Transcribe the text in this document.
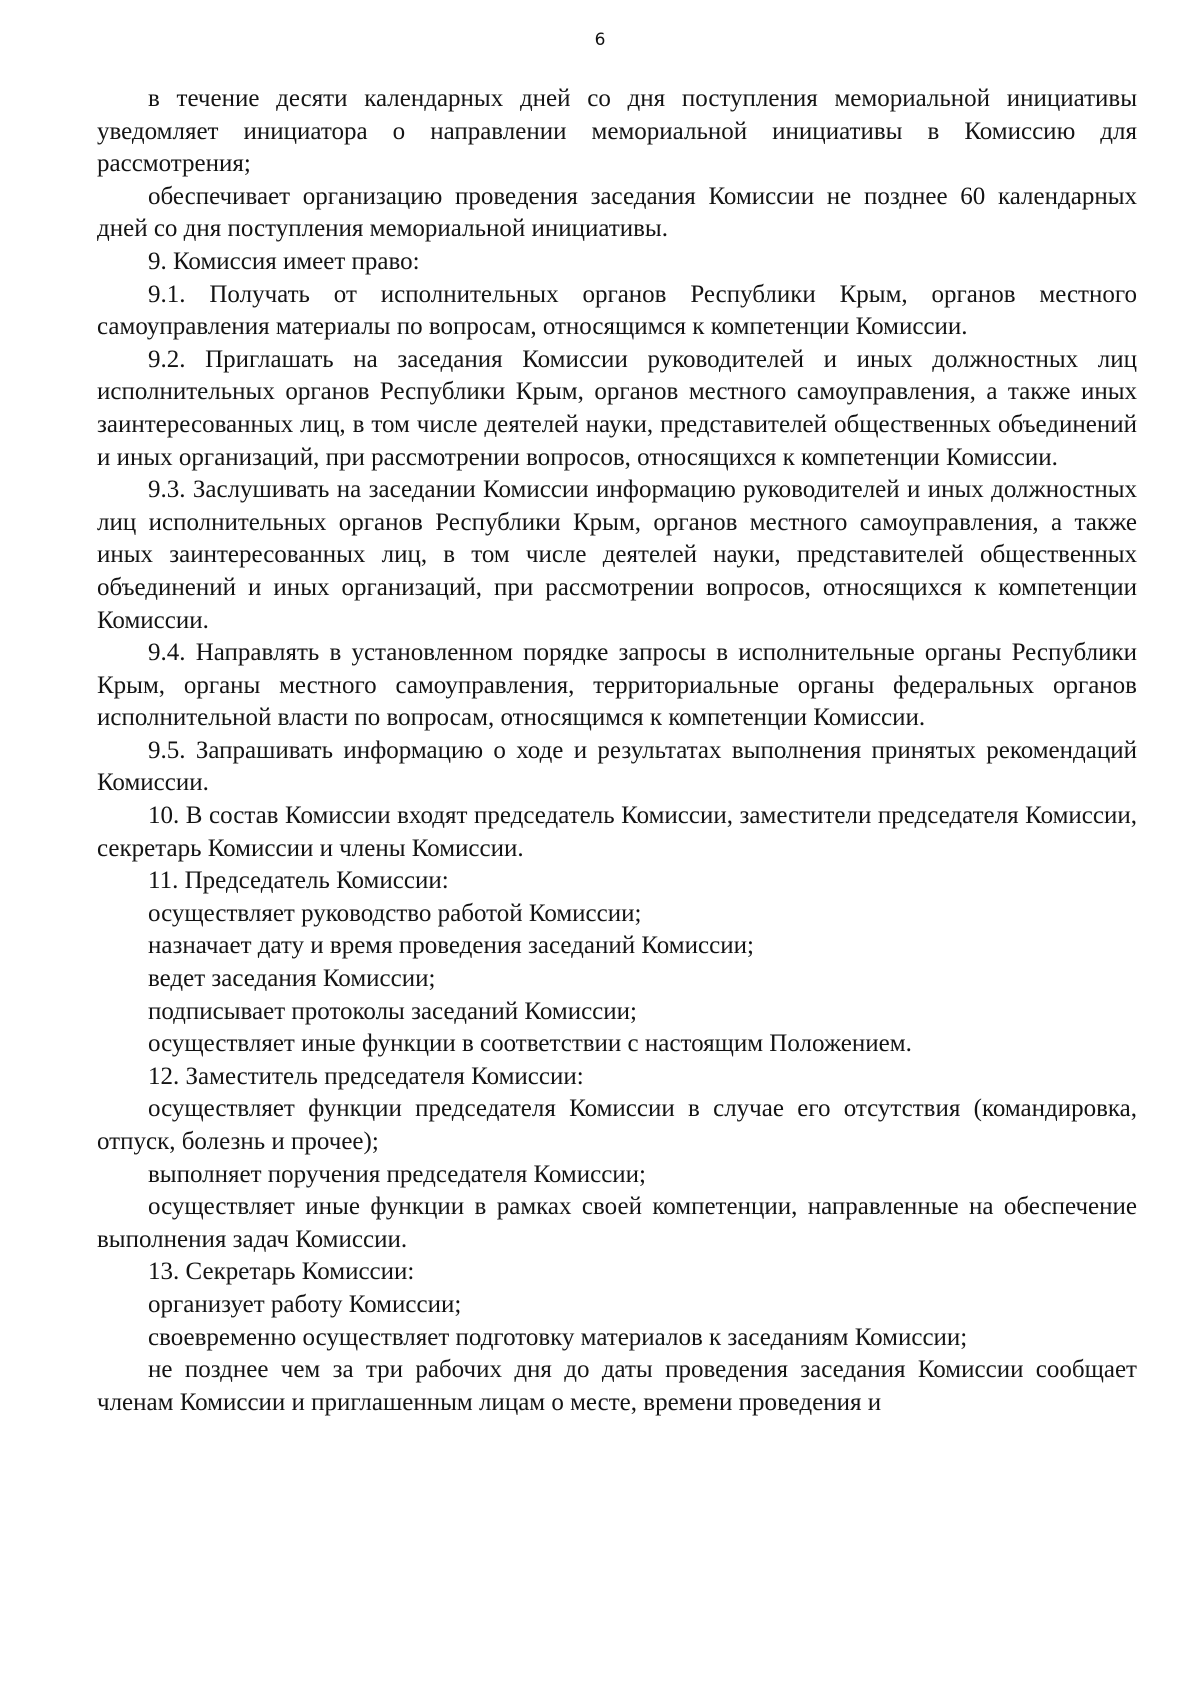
6

в течение десяти календарных дней со дня поступления мемориальной инициативы уведомляет инициатора о направлении мемориальной инициативы в Комиссию для рассмотрения;

обеспечивает организацию проведения заседания Комиссии не позднее 60 календарных дней со дня поступления мемориальной инициативы.

9. Комиссия имеет право:

9.1. Получать от исполнительных органов Республики Крым, органов местного самоуправления материалы по вопросам, относящимся к компетенции Комиссии.

9.2. Приглашать на заседания Комиссии руководителей и иных должностных лиц исполнительных органов Республики Крым, органов местного самоуправления, а также иных заинтересованных лиц, в том числе деятелей науки, представителей общественных объединений и иных организаций, при рассмотрении вопросов, относящихся к компетенции Комиссии.

9.3. Заслушивать на заседании Комиссии информацию руководителей и иных должностных лиц исполнительных органов Республики Крым, органов местного самоуправления, а также иных заинтересованных лиц, в том числе деятелей науки, представителей общественных объединений и иных организаций, при рассмотрении вопросов, относящихся к компетенции Комиссии.

9.4. Направлять в установленном порядке запросы в исполнительные органы Республики Крым, органы местного самоуправления, территориальные органы федеральных органов исполнительной власти по вопросам, относящимся к компетенции Комиссии.

9.5. Запрашивать информацию о ходе и результатах выполнения принятых рекомендаций Комиссии.

10. В состав Комиссии входят председатель Комиссии, заместители председателя Комиссии, секретарь Комиссии и члены Комиссии.

11. Председатель Комиссии:

осуществляет руководство работой Комиссии;

назначает дату и время проведения заседаний Комиссии;

ведет заседания Комиссии;

подписывает протоколы заседаний Комиссии;

осуществляет иные функции в соответствии с настоящим Положением.

12. Заместитель председателя Комиссии:

осуществляет функции председателя Комиссии в случае его отсутствия (командировка, отпуск, болезнь и прочее);

выполняет поручения председателя Комиссии;

осуществляет иные функции в рамках своей компетенции, направленные на обеспечение выполнения задач Комиссии.

13. Секретарь Комиссии:

организует работу Комиссии;

своевременно осуществляет подготовку материалов к заседаниям Комиссии;

не позднее чем за три рабочих дня до даты проведения заседания Комиссии сообщает членам Комиссии и приглашенным лицам о месте, времени проведения и
